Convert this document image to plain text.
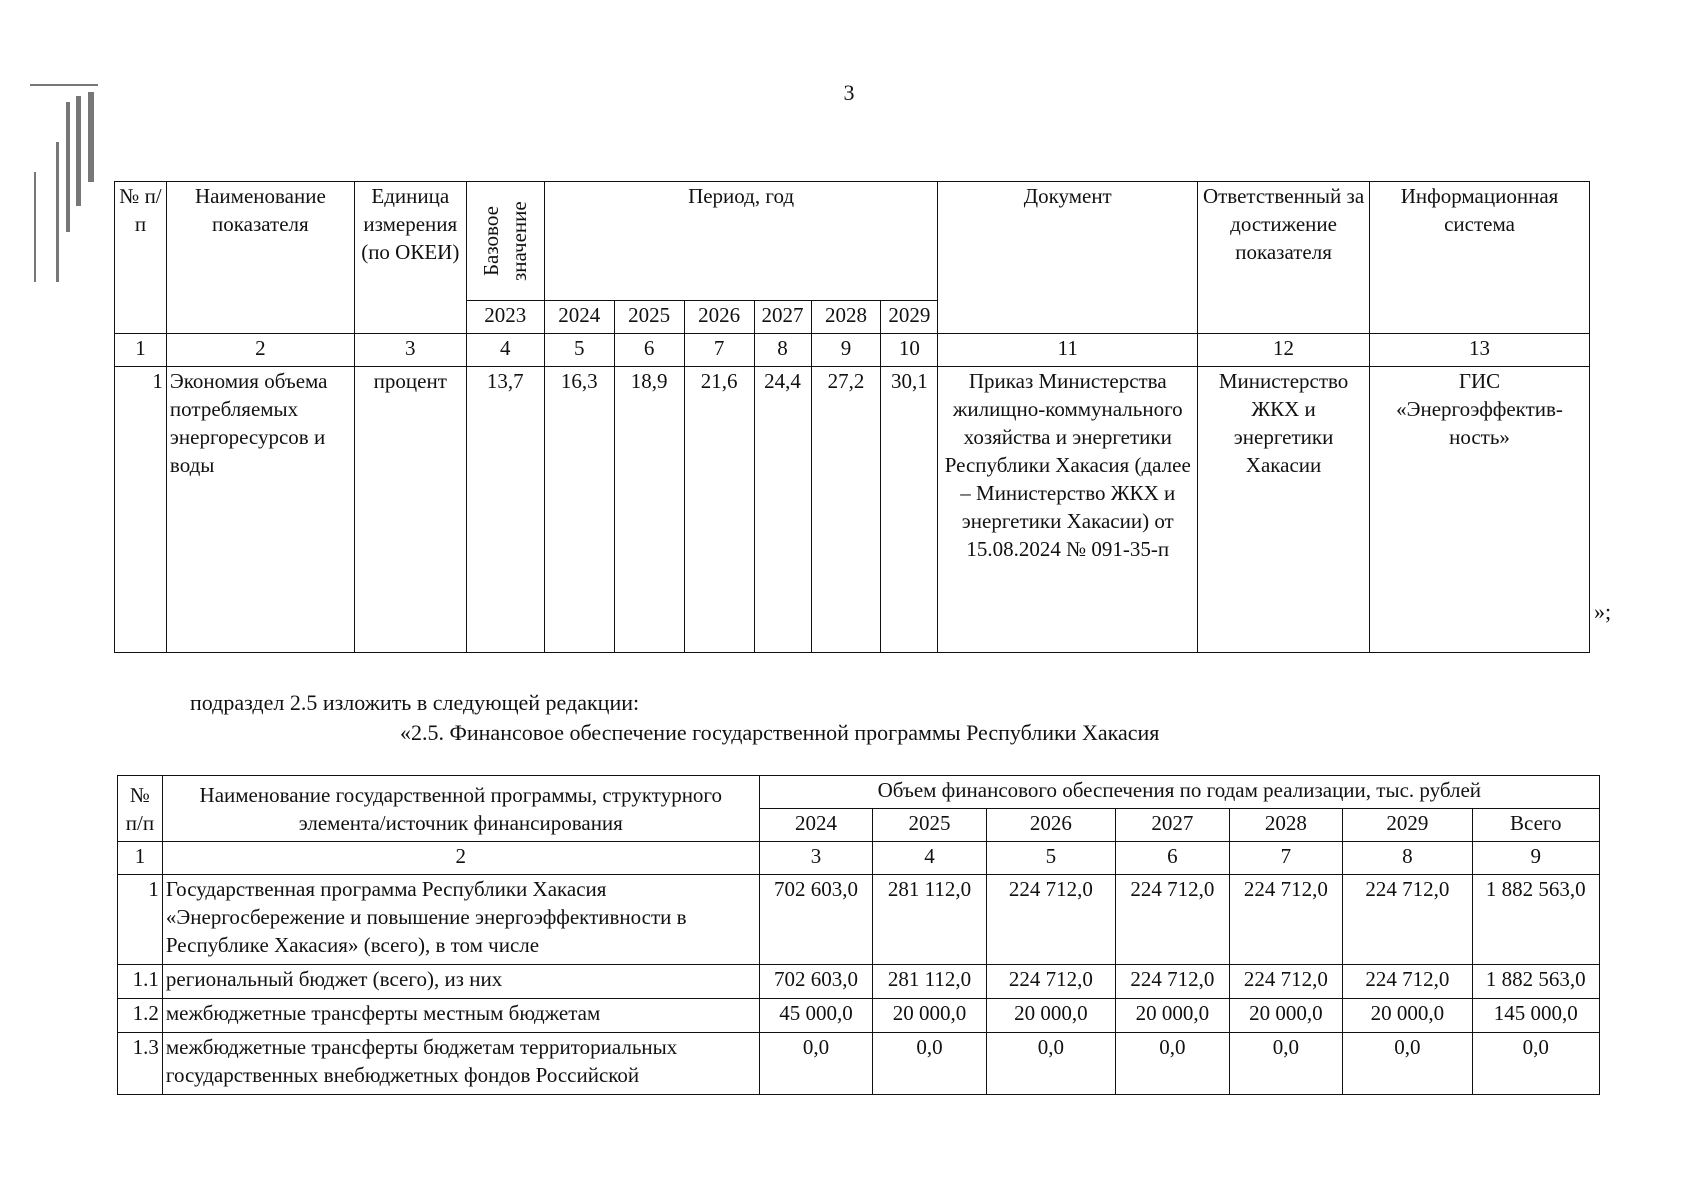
3
№ п/п	Наименование показателя	Единица измерения (по ОКЕИ)	Базовое значение	Период, год						Документ	Ответственный за достижение показателя	Информационная система
			2023	2024	2025	2026	2027	2028	2029			
1	2	3	4	5	6	7	8	9	10	11	12	13
1	Экономия объема потребляемых энергоресурсов и воды	процент	13,7	16,3	18,9	21,6	24,4	27,2	30,1	Приказ Министерства жилищно-коммунального хозяйства и энергетики Республики Хакасия (далее – Министерство ЖКХ и энергетики Хакасии) от 15.08.2024 № 091-35-п	Министерство ЖКХ и энергетики Хакасии	ГИС «Энергоэффектив-ность»
»;
подраздел 2.5 изложить в следующей редакции:
«2.5. Финансовое обеспечение государственной программы Республики Хакасия
№ п/п	Наименование государственной программы, структурного элемента/источник финансирования	Объем финансового обеспечения по годам реализации, тыс. рублей						
		2024	2025	2026	2027	2028	2029	Всего
1	2	3	4	5	6	7	8	9
1	Государственная программа Республики Хакасия «Энергосбережение и повышение энергоэффективности в Республике Хакасия» (всего), в том числе	702 603,0	281 112,0	224 712,0	224 712,0	224 712,0	224 712,0	1 882 563,0
1.1	региональный бюджет (всего), из них	702 603,0	281 112,0	224 712,0	224 712,0	224 712,0	224 712,0	1 882 563,0
1.2	межбюджетные трансферты местным бюджетам	45 000,0	20 000,0	20 000,0	20 000,0	20 000,0	20 000,0	145 000,0
1.3	межбюджетные трансферты бюджетам территориальных государственных внебюджетных фондов Российской	0,0	0,0	0,0	0,0	0,0	0,0	0,0
